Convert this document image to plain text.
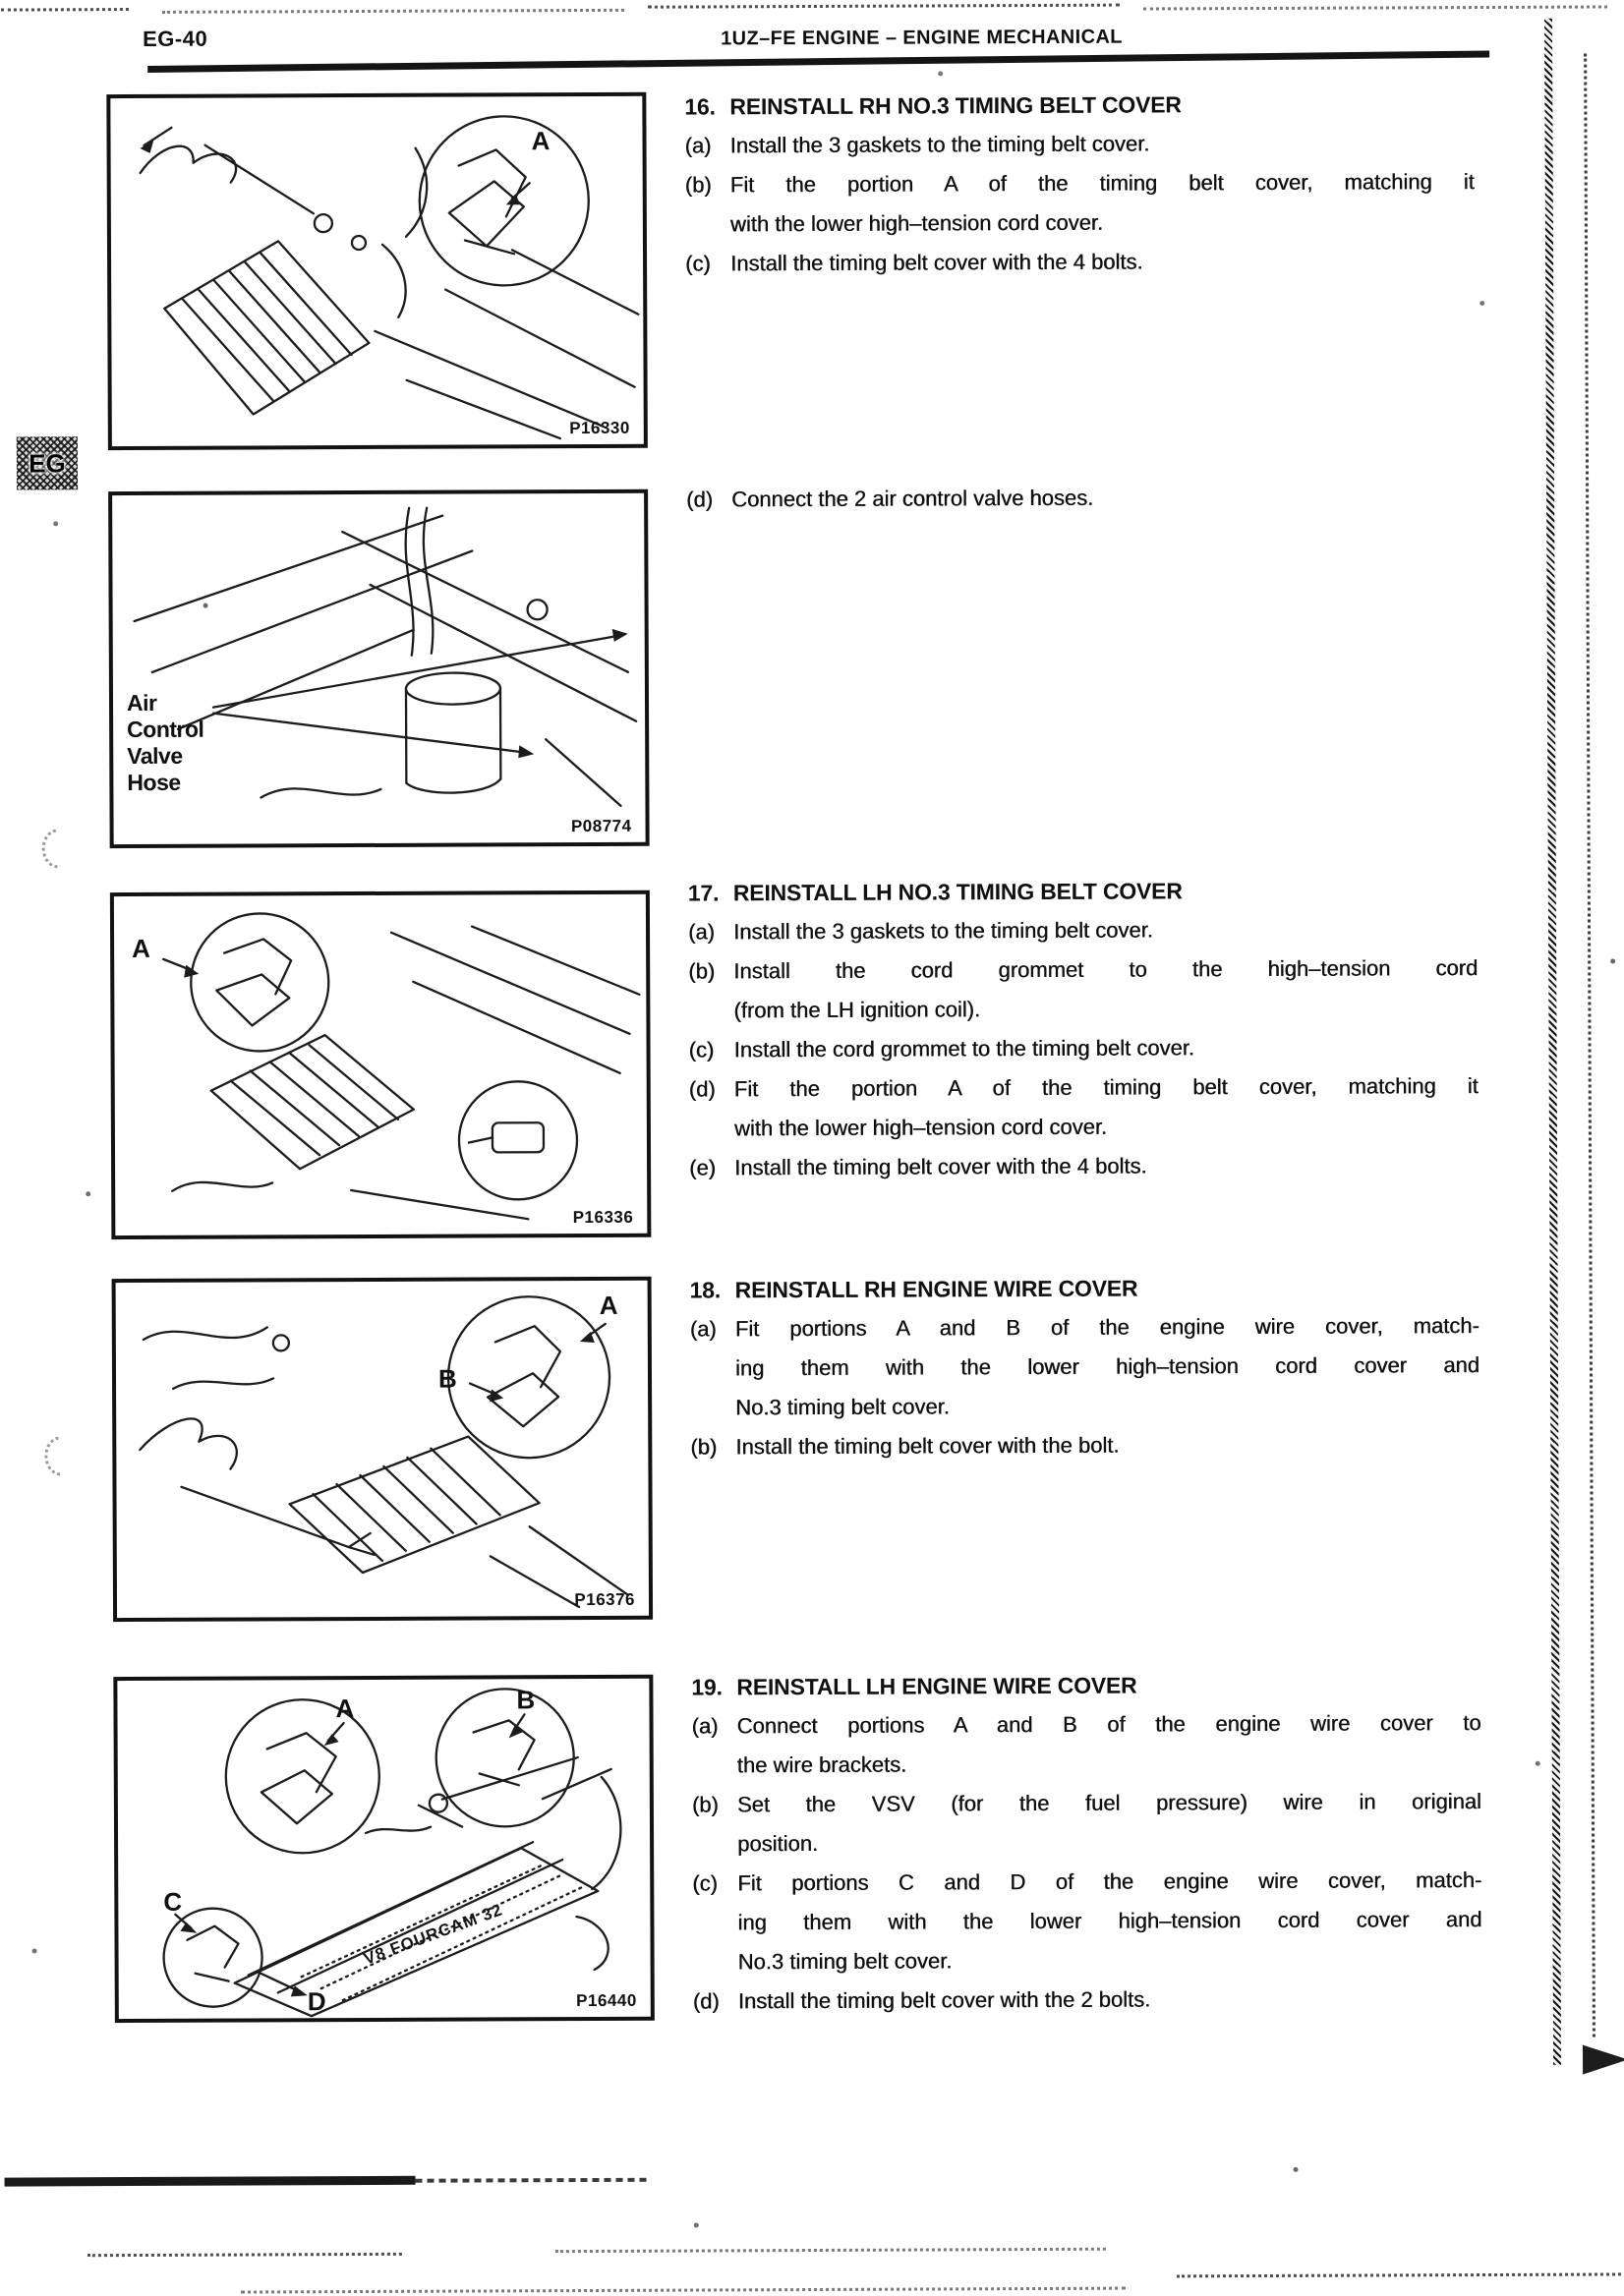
EG-40	1UZ–FE ENGINE – ENGINE MECHANICAL
EG
A
P16330
Air
Control
Valve
Hose
P08774
A
P16336
A
B
P16376
V8 FOURCAM 32
A	B
C
D	P16440
16. REINSTALL RH NO.3 TIMING BELT COVER
(a) Install the 3 gaskets to the timing belt cover.
(b) Fit the portion A of the timing belt cover, matching it
with the lower high–tension cord cover.
(c) Install the timing belt cover with the 4 bolts.
(d) Connect the 2 air control valve hoses.
17. REINSTALL LH NO.3 TIMING BELT COVER
(a) Install the 3 gaskets to the timing belt cover.
(b) Install the cord grommet to the high–tension cord
(from the LH ignition coil).
(c) Install the cord grommet to the timing belt cover.
(d) Fit the portion A of the timing belt cover, matching it
with the lower high–tension cord cover.
(e) Install the timing belt cover with the 4 bolts.
18. REINSTALL RH ENGINE WIRE COVER
(a) Fit portions A and B of the engine wire cover, match-
ing them with the lower high–tension cord cover and
No.3 timing belt cover.
(b) Install the timing belt cover with the bolt.
19. REINSTALL LH ENGINE WIRE COVER
(a) Connect portions A and B of the engine wire cover to
the wire brackets.
(b) Set the VSV (for the fuel pressure) wire in original
position.
(c) Fit portions C and D of the engine wire cover, match-
ing them with the lower high–tension cord cover and
No.3 timing belt cover.
(d) Install the timing belt cover with the 2 bolts.
